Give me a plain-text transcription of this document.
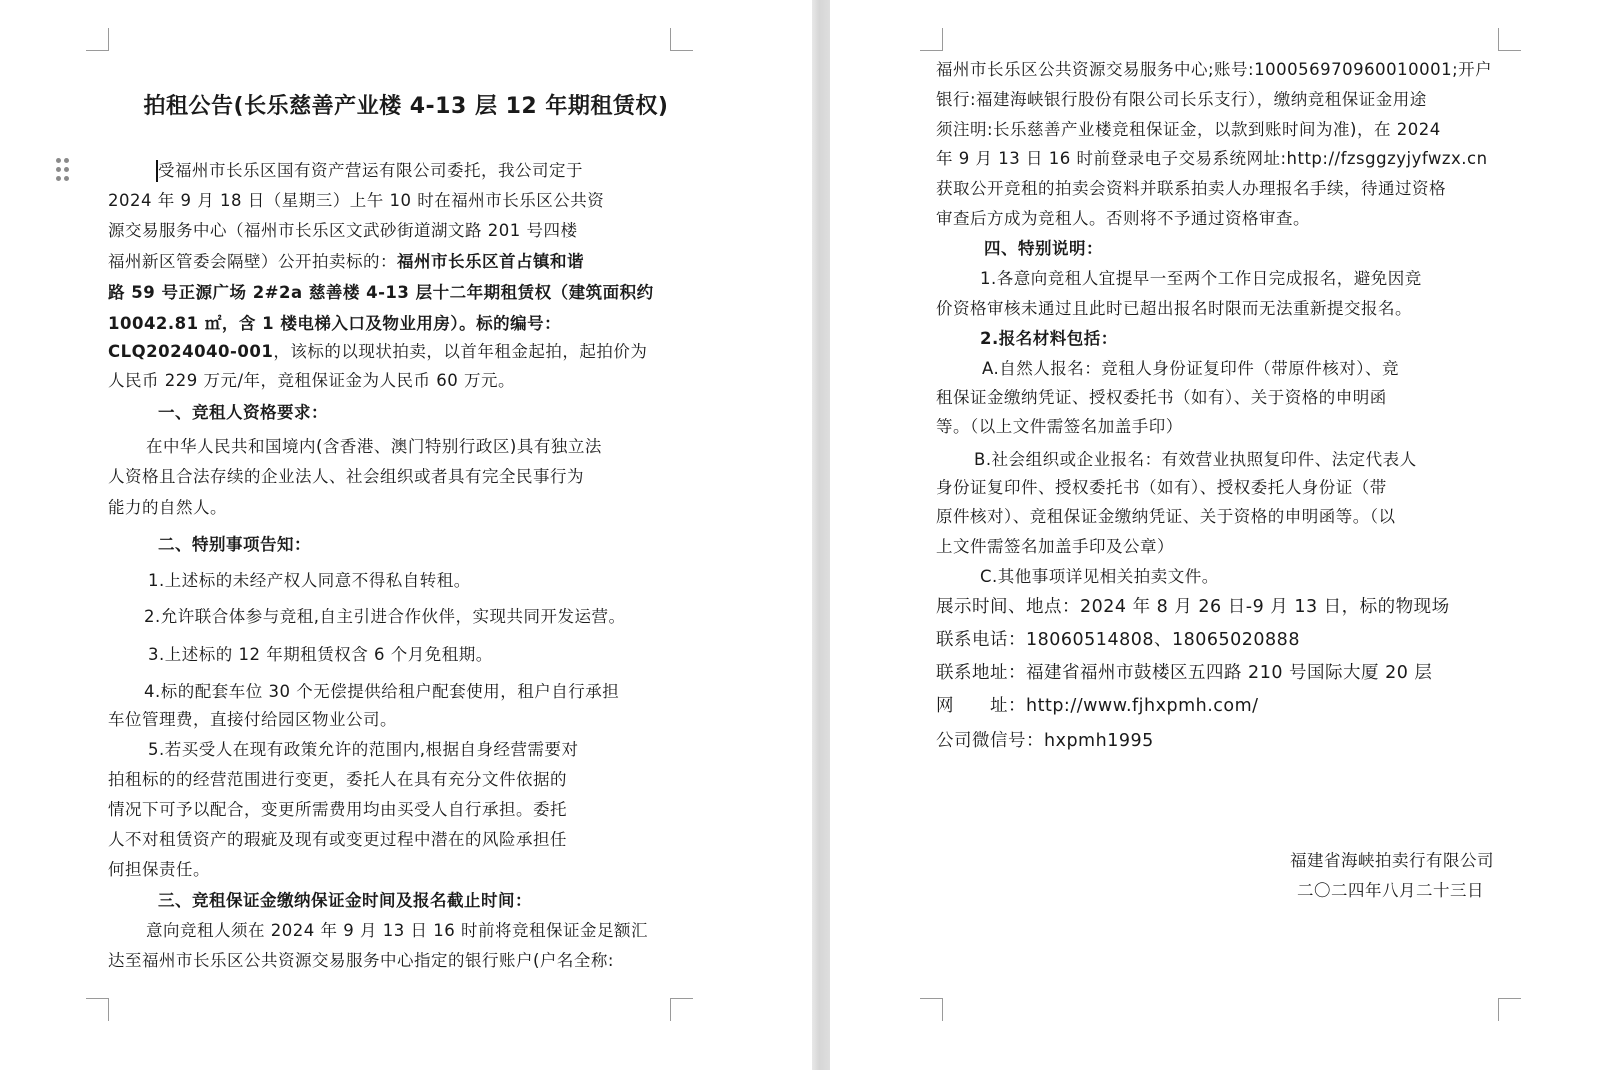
拍租公告(长乐慈善产业楼 4-13 层 12 年期租赁权)
受福州市长乐区国有资产营运有限公司委托，我公司定于
2024 年 9 月 18 日（星期三）上午 10 时在福州市长乐区公共资
源交易服务中心（福州市长乐区文武砂街道湖文路 201 号四楼
福州新区管委会隔壁）公开拍卖标的：福州市长乐区首占镇和谐
路 59 号正源广场 2#2a 慈善楼 4-13 层十二年期租赁权（建筑面积约
10042.81 ㎡，含 1 楼电梯入口及物业用房）。标的编号：
CLQ2024040-001，该标的以现状拍卖，以首年租金起拍，起拍价为
人民币 229 万元/年，竞租保证金为人民币 60 万元。
一、竞租人资格要求：
在中华人民共和国境内(含香港、澳门特别行政区)具有独立法
人资格且合法存续的企业法人、社会组织或者具有完全民事行为
能力的自然人。
二、特别事项告知：
1.上述标的未经产权人同意不得私自转租。
2.允许联合体参与竞租,自主引进合作伙伴，实现共同开发运营。
3.上述标的 12 年期租赁权含 6 个月免租期。
4.标的配套车位 30 个无偿提供给租户配套使用，租户自行承担
车位管理费，直接付给园区物业公司。
5.若买受人在现有政策允许的范围内,根据自身经营需要对
拍租标的的经营范围进行变更，委托人在具有充分文件依据的
情况下可予以配合，变更所需费用均由买受人自行承担。委托
人不对租赁资产的瑕疵及现有或变更过程中潜在的风险承担任
何担保责任。
三、竞租保证金缴纳保证金时间及报名截止时间：
意向竞租人须在 2024 年 9 月 13 日 16 时前将竞租保证金足额汇
达至福州市长乐区公共资源交易服务中心指定的银行账户(户名全称:
福州市长乐区公共资源交易服务中心;账号:100056970960010001;开户
银行:福建海峡银行股份有限公司长乐支行），缴纳竞租保证金用途
须注明:长乐慈善产业楼竞租保证金，以款到账时间为准)，在 2024
年 9 月 13 日 16 时前登录电子交易系统网址:http://fzsggzyjyfwzx.cn
获取公开竞租的拍卖会资料并联系拍卖人办理报名手续，待通过资格
审查后方成为竞租人。否则将不予通过资格审查。
四、特别说明：
1.各意向竞租人宜提早一至两个工作日完成报名，避免因竞
价资格审核未通过且此时已超出报名时限而无法重新提交报名。
2.报名材料包括：
A.自然人报名：竞租人身份证复印件（带原件核对）、竞
租保证金缴纳凭证、授权委托书（如有）、关于资格的申明函
等。（以上文件需签名加盖手印）
B.社会组织或企业报名：有效营业执照复印件、法定代表人
身份证复印件、授权委托书（如有）、授权委托人身份证（带
原件核对）、竞租保证金缴纳凭证、关于资格的申明函等。（以
上文件需签名加盖手印及公章）
C.其他事项详见相关拍卖文件。
展示时间、地点：2024 年 8 月 26 日-9 月 13 日，标的物现场
联系电话：18060514808、18065020888
联系地址：福建省福州市鼓楼区五四路 210 号国际大厦 20 层
网　　址：http://www.fjhxpmh.com/
公司微信号：hxpmh1995
福建省海峡拍卖行有限公司
二〇二四年八月二十三日
